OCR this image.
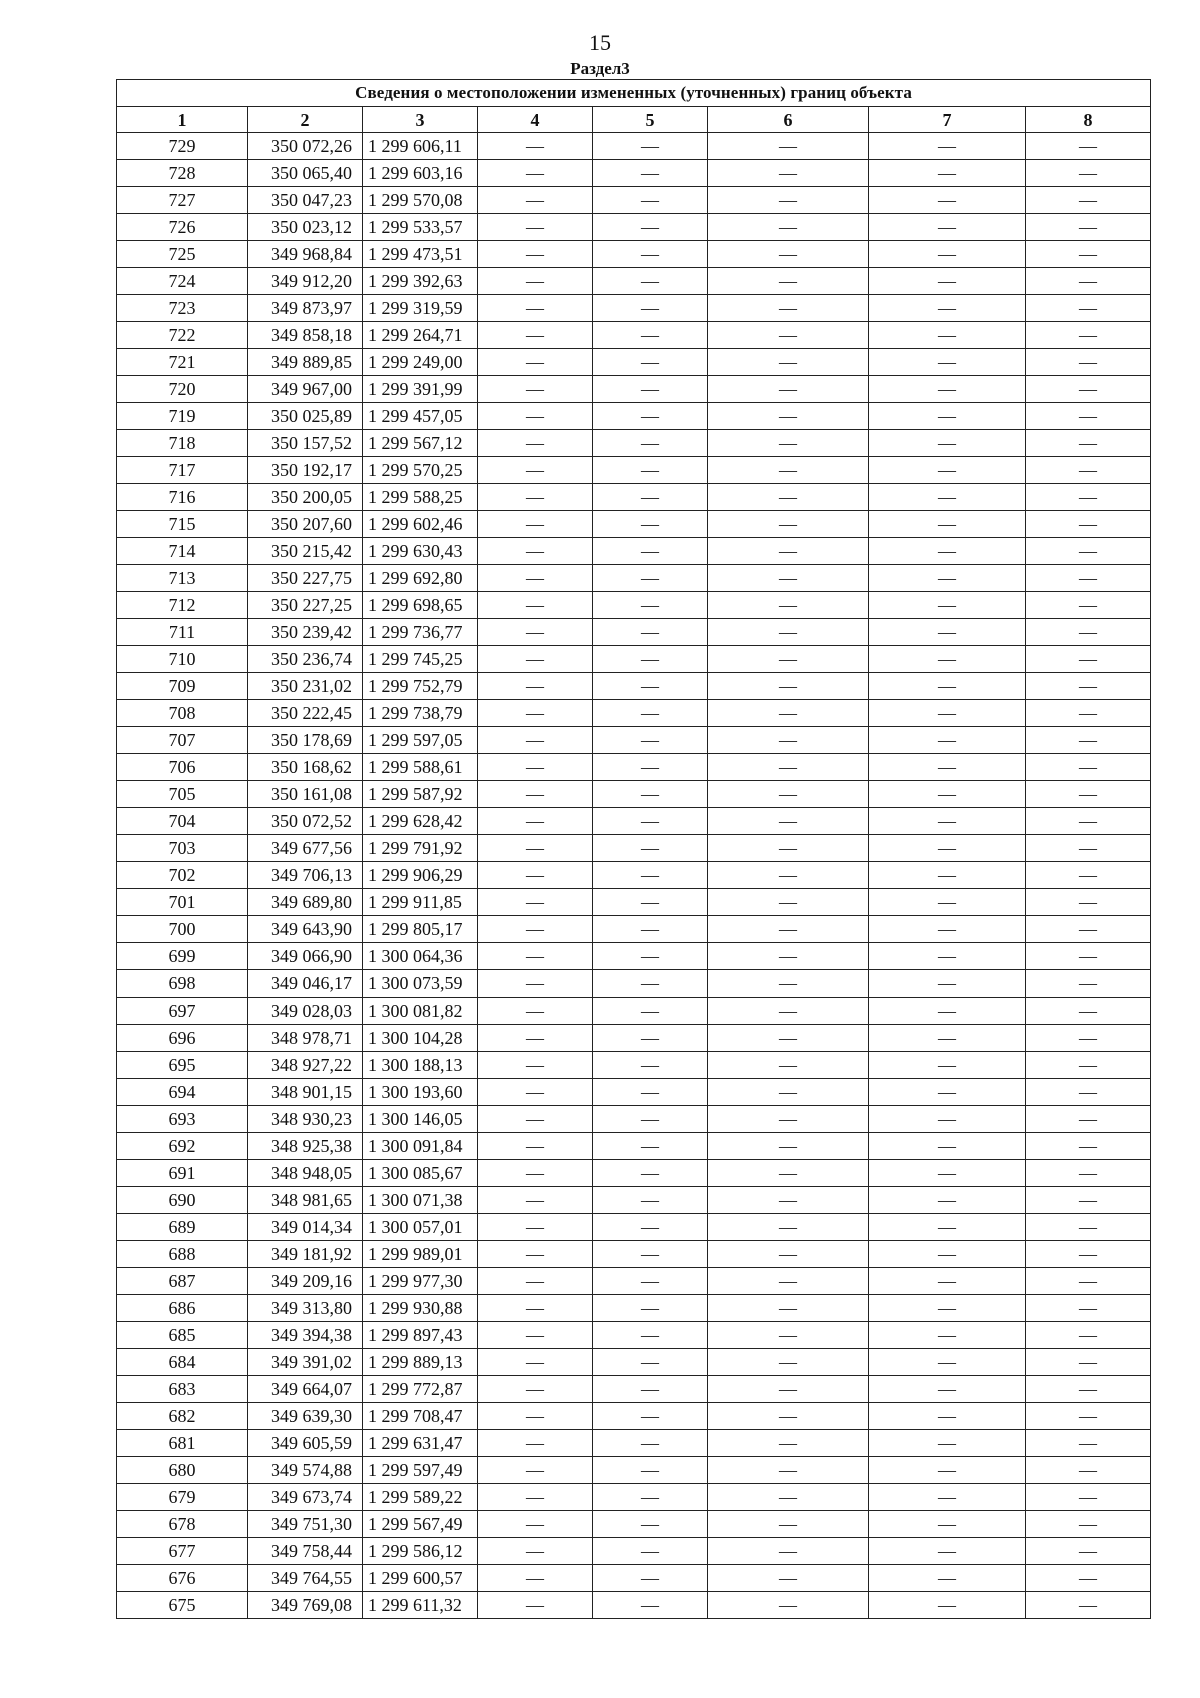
15
Раздел3
Сведения о местоположении измененных (уточненных) границ объекта							
1	2	3	4	5	6	7	8
729	350 072,26	1 299 606,11	—	—	—	—	—
728	350 065,40	1 299 603,16	—	—	—	—	—
727	350 047,23	1 299 570,08	—	—	—	—	—
726	350 023,12	1 299 533,57	—	—	—	—	—
725	349 968,84	1 299 473,51	—	—	—	—	—
724	349 912,20	1 299 392,63	—	—	—	—	—
723	349 873,97	1 299 319,59	—	—	—	—	—
722	349 858,18	1 299 264,71	—	—	—	—	—
721	349 889,85	1 299 249,00	—	—	—	—	—
720	349 967,00	1 299 391,99	—	—	—	—	—
719	350 025,89	1 299 457,05	—	—	—	—	—
718	350 157,52	1 299 567,12	—	—	—	—	—
717	350 192,17	1 299 570,25	—	—	—	—	—
716	350 200,05	1 299 588,25	—	—	—	—	—
715	350 207,60	1 299 602,46	—	—	—	—	—
714	350 215,42	1 299 630,43	—	—	—	—	—
713	350 227,75	1 299 692,80	—	—	—	—	—
712	350 227,25	1 299 698,65	—	—	—	—	—
711	350 239,42	1 299 736,77	—	—	—	—	—
710	350 236,74	1 299 745,25	—	—	—	—	—
709	350 231,02	1 299 752,79	—	—	—	—	—
708	350 222,45	1 299 738,79	—	—	—	—	—
707	350 178,69	1 299 597,05	—	—	—	—	—
706	350 168,62	1 299 588,61	—	—	—	—	—
705	350 161,08	1 299 587,92	—	—	—	—	—
704	350 072,52	1 299 628,42	—	—	—	—	—
703	349 677,56	1 299 791,92	—	—	—	—	—
702	349 706,13	1 299 906,29	—	—	—	—	—
701	349 689,80	1 299 911,85	—	—	—	—	—
700	349 643,90	1 299 805,17	—	—	—	—	—
699	349 066,90	1 300 064,36	—	—	—	—	—
698	349 046,17	1 300 073,59	—	—	—	—	—
697	349 028,03	1 300 081,82	—	—	—	—	—
696	348 978,71	1 300 104,28	—	—	—	—	—
695	348 927,22	1 300 188,13	—	—	—	—	—
694	348 901,15	1 300 193,60	—	—	—	—	—
693	348 930,23	1 300 146,05	—	—	—	—	—
692	348 925,38	1 300 091,84	—	—	—	—	—
691	348 948,05	1 300 085,67	—	—	—	—	—
690	348 981,65	1 300 071,38	—	—	—	—	—
689	349 014,34	1 300 057,01	—	—	—	—	—
688	349 181,92	1 299 989,01	—	—	—	—	—
687	349 209,16	1 299 977,30	—	—	—	—	—
686	349 313,80	1 299 930,88	—	—	—	—	—
685	349 394,38	1 299 897,43	—	—	—	—	—
684	349 391,02	1 299 889,13	—	—	—	—	—
683	349 664,07	1 299 772,87	—	—	—	—	—
682	349 639,30	1 299 708,47	—	—	—	—	—
681	349 605,59	1 299 631,47	—	—	—	—	—
680	349 574,88	1 299 597,49	—	—	—	—	—
679	349 673,74	1 299 589,22	—	—	—	—	—
678	349 751,30	1 299 567,49	—	—	—	—	—
677	349 758,44	1 299 586,12	—	—	—	—	—
676	349 764,55	1 299 600,57	—	—	—	—	—
675	349 769,08	1 299 611,32	—	—	—	—	—
